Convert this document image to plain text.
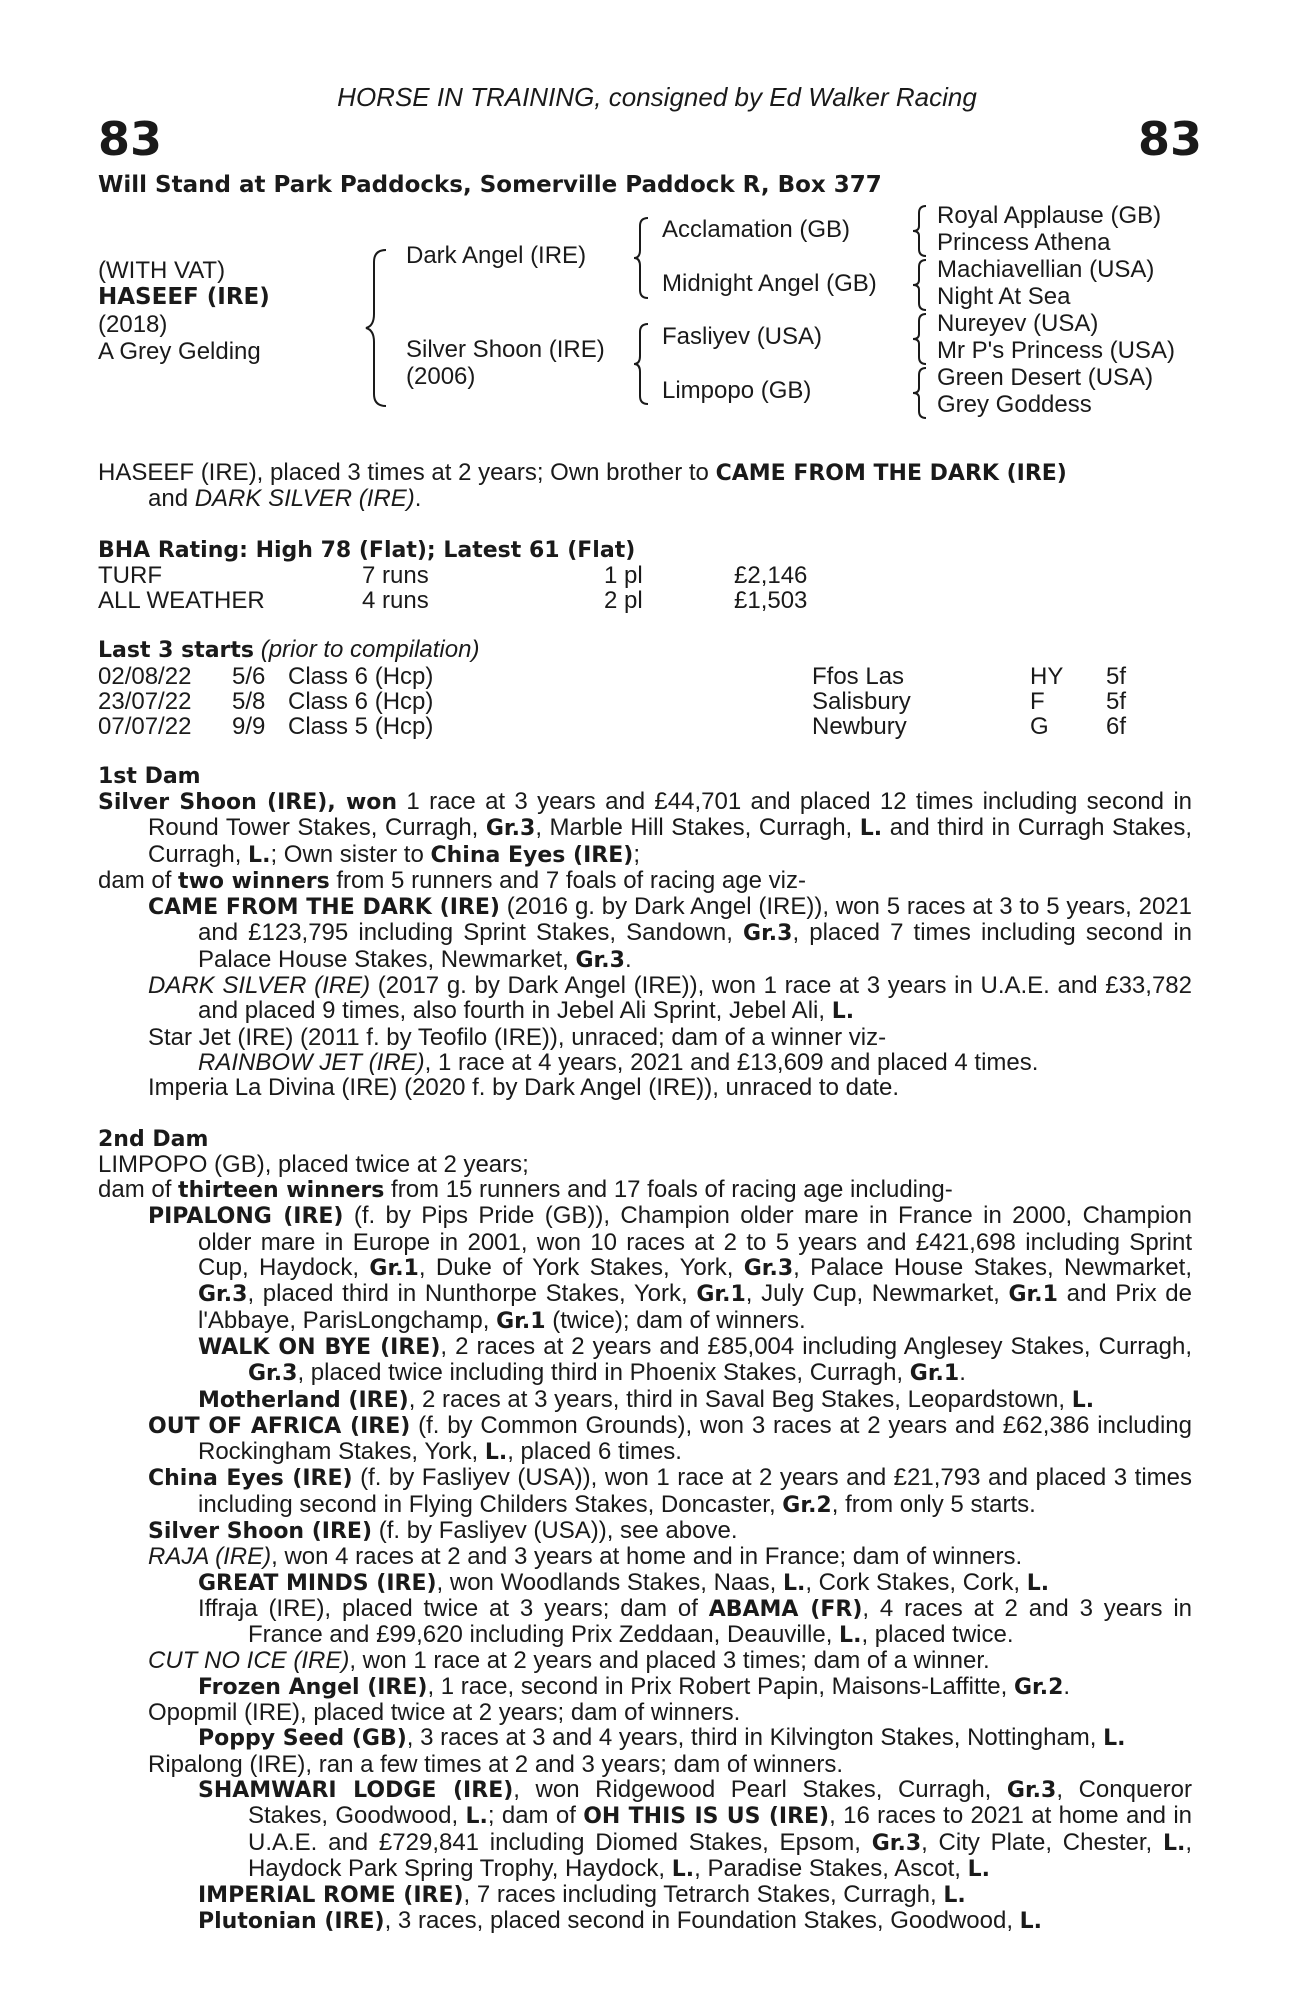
HORSE IN TRAINING, consigned by Ed Walker Racing
83	83
Will Stand at Park Paddocks, Somerville Paddock R, Box 377
(WITH VAT)
HASEEF (IRE)
(2018)
A Grey Gelding
Dark Angel (IRE)
Silver Shoon (IRE)
(2006)
Acclamation (GB)
Midnight Angel (GB)
Fasliyev (USA)
Limpopo (GB)
Royal Applause (GB)
Princess Athena
Machiavellian (USA)
Night At Sea
Nureyev (USA)
Mr P's Princess (USA)
Green Desert (USA)
Grey Goddess

HASEEF (IRE), placed 3 times at 2 years; Own brother to CAME FROM THE DARK (IRE)
and DARK SILVER (IRE).

BHA Rating: High 78 (Flat); Latest 61 (Flat)
TURF	7 runs	1 pl	£2,146
ALL WEATHER	4 runs	2 pl	£1,503
Last 3 starts (prior to compilation)
02/08/22 5/6 Class 6 (Hcp)	Ffos Las	HY 5f
23/07/22 5/8 Class 6 (Hcp)	Salisbury	F	5f
07/07/22 9/9 Class 5 (Hcp)	Newbury	G 6f
1st Dam

Silver Shoon (IRE), won 1 race at 3 years and £44,701 and placed 12 times including second in Round Tower Stakes, Curragh, Gr.3, Marble Hill Stakes, Curragh, L. and third in Curragh Stakes, Curragh, L.; Own sister to China Eyes (IRE);

dam of two winners from 5 runners and 7 foals of racing age viz-

CAME FROM THE DARK (IRE) (2016 g. by Dark Angel (IRE)), won 5 races at 3 to 5 years, 2021 and £123,795 including Sprint Stakes, Sandown, Gr.3, placed 7 times including second in Palace House Stakes, Newmarket, Gr.3.

DARK SILVER (IRE) (2017 g. by Dark Angel (IRE)), won 1 race at 3 years in U.A.E. and £33,782 and placed 9 times, also fourth in Jebel Ali Sprint, Jebel Ali, L.

Star Jet (IRE) (2011 f. by Teofilo (IRE)), unraced; dam of a winner viz-

RAINBOW JET (IRE), 1 race at 4 years, 2021 and £13,609 and placed 4 times.

Imperia La Divina (IRE) (2020 f. by Dark Angel (IRE)), unraced to date.

2nd Dam

LIMPOPO (GB), placed twice at 2 years;

dam of thirteen winners from 15 runners and 17 foals of racing age including-

PIPALONG (IRE) (f. by Pips Pride (GB)), Champion older mare in France in 2000, Champion older mare in Europe in 2001, won 10 races at 2 to 5 years and £421,698 including Sprint Cup, Haydock, Gr.1, Duke of York Stakes, York, Gr.3, Palace House Stakes, Newmarket, Gr.3, placed third in Nunthorpe Stakes, York, Gr.1, July Cup, Newmarket, Gr.1 and Prix de l'Abbaye, ParisLongchamp, Gr.1 (twice); dam of winners.

WALK ON BYE (IRE), 2 races at 2 years and £85,004 including Anglesey Stakes, Curragh, Gr.3, placed twice including third in Phoenix Stakes, Curragh, Gr.1.

Motherland (IRE), 2 races at 3 years, third in Saval Beg Stakes, Leopardstown, L.

OUT OF AFRICA (IRE) (f. by Common Grounds), won 3 races at 2 years and £62,386 including Rockingham Stakes, York, L., placed 6 times.

China Eyes (IRE) (f. by Fasliyev (USA)), won 1 race at 2 years and £21,793 and placed 3 times including second in Flying Childers Stakes, Doncaster, Gr.2, from only 5 starts.

Silver Shoon (IRE) (f. by Fasliyev (USA)), see above.

RAJA (IRE), won 4 races at 2 and 3 years at home and in France; dam of winners.

GREAT MINDS (IRE), won Woodlands Stakes, Naas, L., Cork Stakes, Cork, L.

Iffraja (IRE), placed twice at 3 years; dam of ABAMA (FR), 4 races at 2 and 3 years in France and £99,620 including Prix Zeddaan, Deauville, L., placed twice.

CUT NO ICE (IRE), won 1 race at 2 years and placed 3 times; dam of a winner.

Frozen Angel (IRE), 1 race, second in Prix Robert Papin, Maisons-Laffitte, Gr.2.

Opopmil (IRE), placed twice at 2 years; dam of winners.

Poppy Seed (GB), 3 races at 3 and 4 years, third in Kilvington Stakes, Nottingham, L.

Ripalong (IRE), ran a few times at 2 and 3 years; dam of winners.

SHAMWARI LODGE (IRE), won Ridgewood Pearl Stakes, Curragh, Gr.3, Conqueror Stakes, Goodwood, L.; dam of OH THIS IS US (IRE), 16 races to 2021 at home and in U.A.E. and £729,841 including Diomed Stakes, Epsom, Gr.3, City Plate, Chester, L., Haydock Park Spring Trophy, Haydock, L., Paradise Stakes, Ascot, L.

IMPERIAL ROME (IRE), 7 races including Tetrarch Stakes, Curragh, L.

Plutonian (IRE), 3 races, placed second in Foundation Stakes, Goodwood, L.
